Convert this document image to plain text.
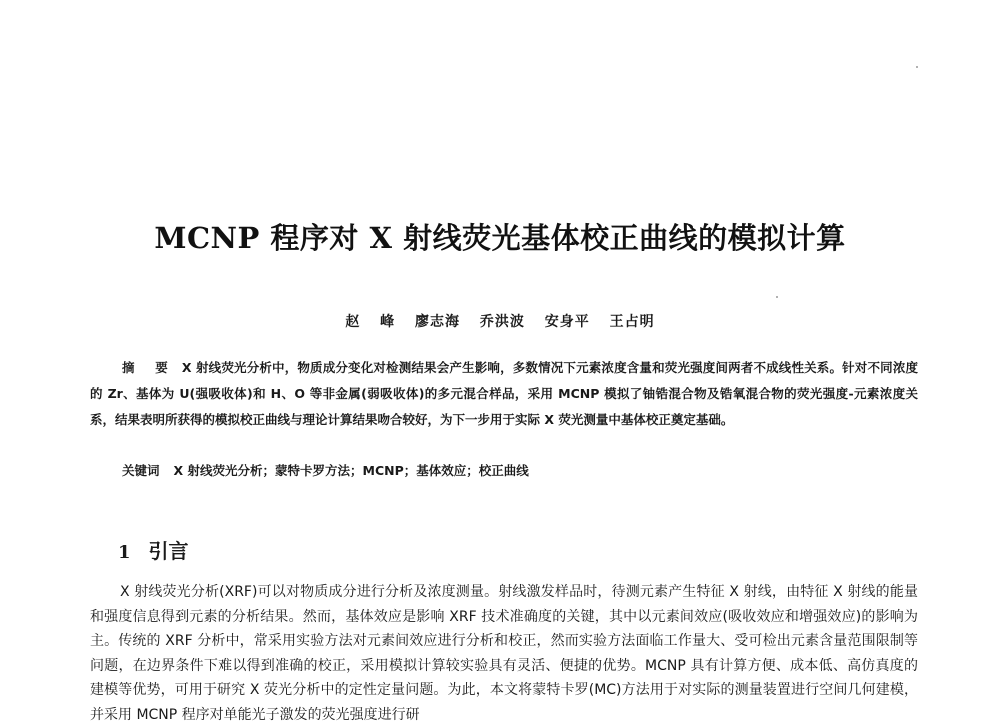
MCNP 程序对 X 射线荧光基体校正曲线的模拟计算
赵 峰 廖志海 乔洪波 安身平 王占明

摘 要 X 射线荧光分析中，物质成分变化对检测结果会产生影响，多数情况下元素浓度含量和荧光强度间两者不成线性关系。针对不同浓度的 Zr、基体为 U(强吸收体)和 H、O 等非金属(弱吸收体)的多元混合样品，采用 MCNP 模拟了铀锆混合物及锆氧混合物的荧光强度-元素浓度关系，结果表明所获得的模拟校正曲线与理论计算结果吻合较好，为下一步用于实际 X 荧光测量中基体校正奠定基础。

关键词 X 射线荧光分析；蒙特卡罗方法；MCNP；基体效应；校正曲线

1 引言

X 射线荧光分析(XRF)可以对物质成分进行分析及浓度测量。射线激发样品时，待测元素产生特征 X 射线，由特征 X 射线的能量和强度信息得到元素的分析结果。然而，基体效应是影响 XRF 技术准确度的关键，其中以元素间效应(吸收效应和增强效应)的影响为主。传统的 XRF 分析中，常采用实验方法对元素间效应进行分析和校正，然而实验方法面临工作量大、受可检出元素含量范围限制等问题，在边界条件下难以得到准确的校正，采用模拟计算较实验具有灵活、便捷的优势。MCNP 具有计算方便、成本低、高仿真度的建模等优势，可用于研究 X 荧光分析中的定性定量问题。为此，本文将蒙特卡罗(MC)方法用于对实际的测量装置进行空间几何建模，并采用 MCNP 程序对单能光子激发的荧光强度进行研
